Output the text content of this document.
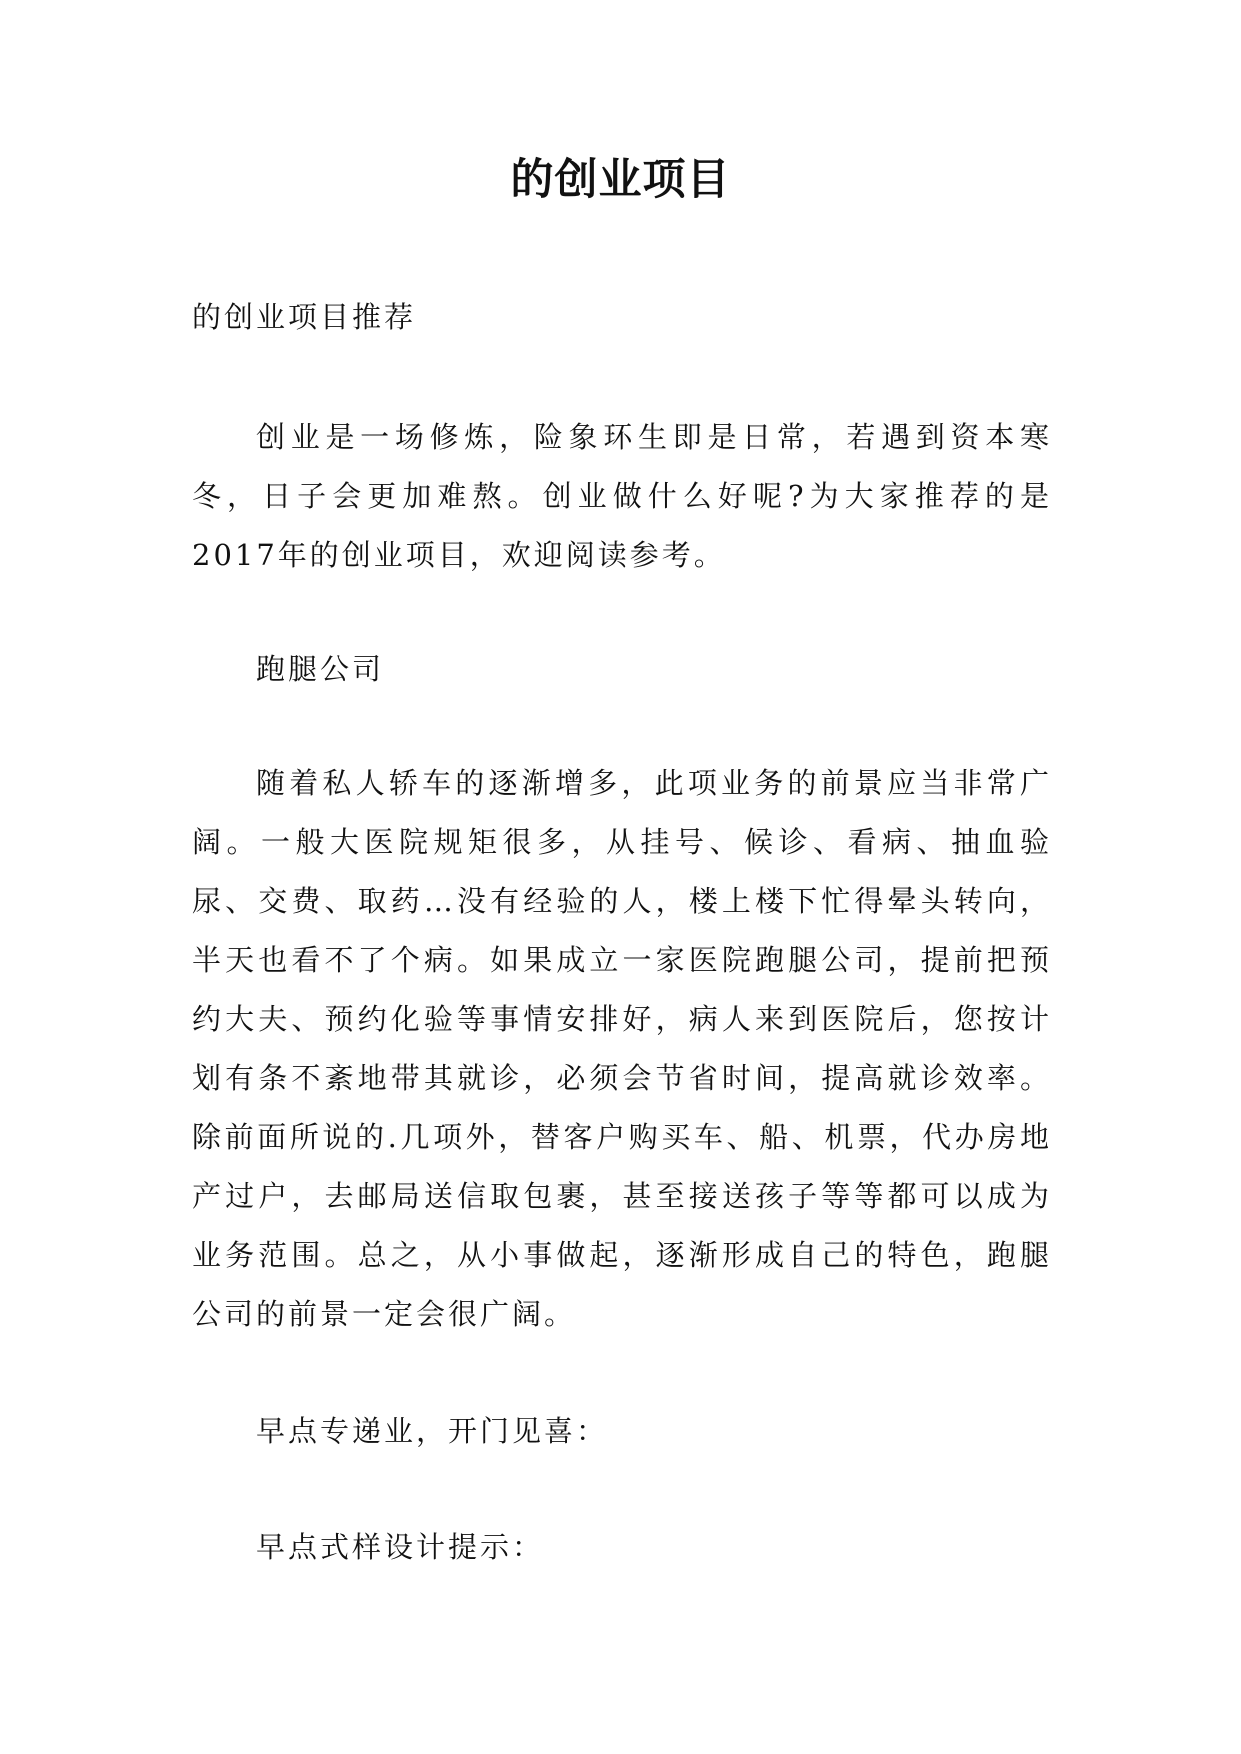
的创业项目

的创业项目推荐

创业是一场修炼，险象环生即是日常，若遇到资本寒冬，日子会更加难熬。创业做什么好呢?为大家推荐的是2017年的创业项目，欢迎阅读参考。

跑腿公司

随着私人轿车的逐渐增多，此项业务的前景应当非常广阔。一般大医院规矩很多，从挂号、候诊、看病、抽血验尿、交费、取药…没有经验的人，楼上楼下忙得晕头转向，半天也看不了个病。如果成立一家医院跑腿公司，提前把预约大夫、预约化验等事情安排好，病人来到医院后，您按计划有条不紊地带其就诊，必须会节省时间，提高就诊效率。除前面所说的.几项外，替客户购买车、船、机票，代办房地产过户，去邮局送信取包裹，甚至接送孩子等等都可以成为业务范围。总之，从小事做起，逐渐形成自己的特色，跑腿公司的前景一定会很广阔。

早点专递业，开门见喜：

早点式样设计提示：
